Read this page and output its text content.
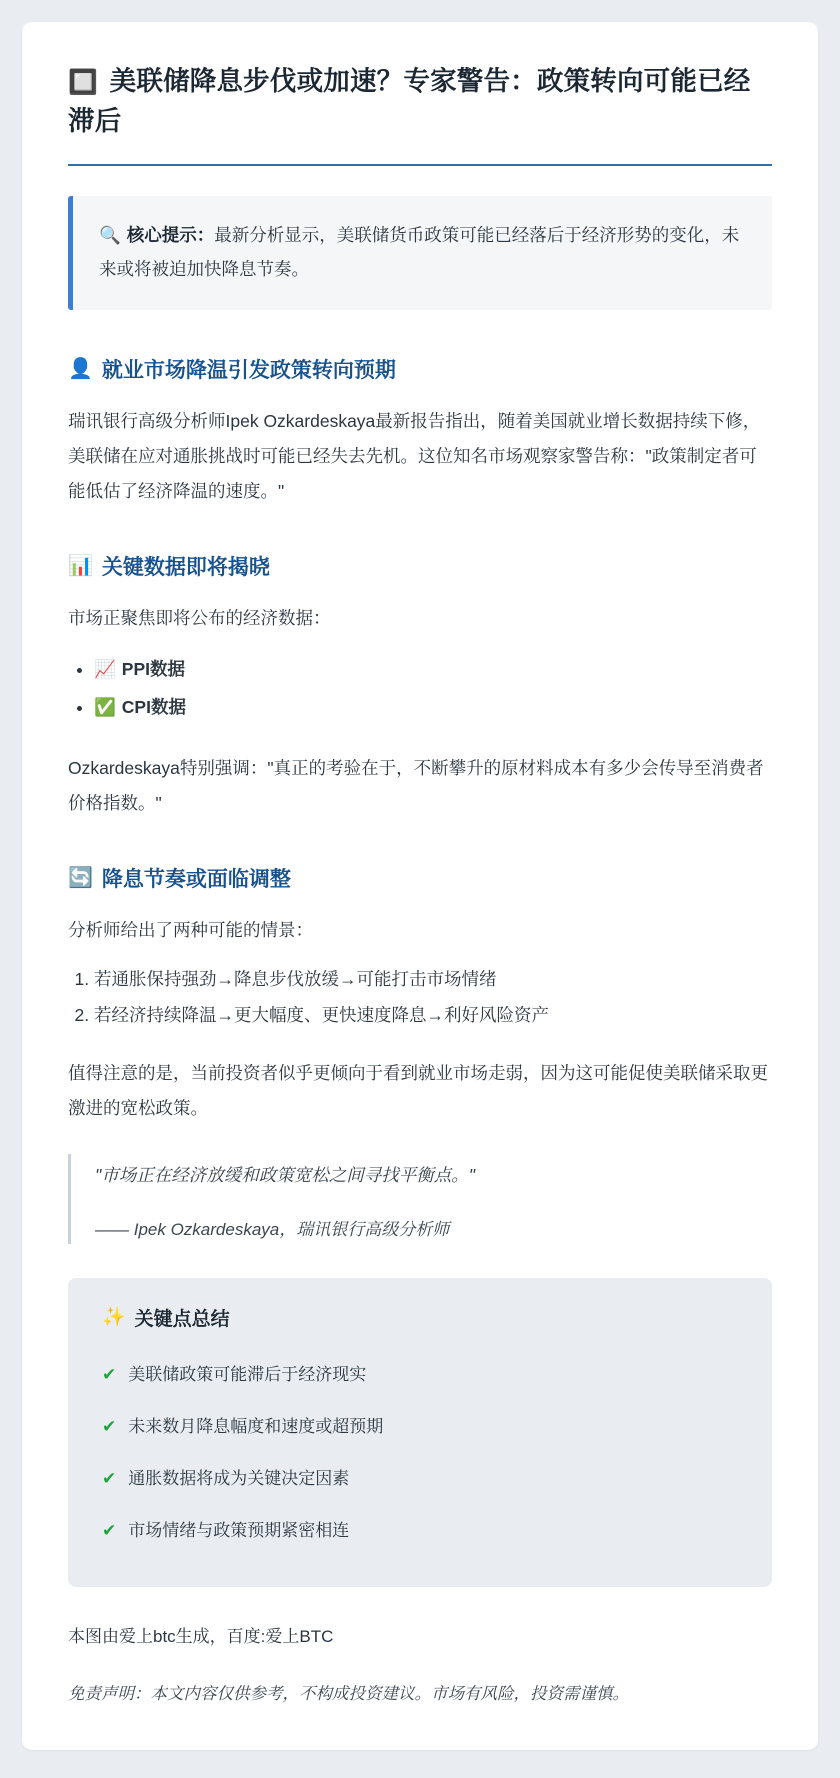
🔲 美联储降息步伐或加速？专家警告：政策转向可能已经滞后
🔍 核心提示：最新分析显示，美联储货币政策可能已经落后于经济形势的变化，未来或将被迫加快降息节奏。
👤 就业市场降温引发政策转向预期

瑞讯银行高级分析师Ipek Ozkardeskaya最新报告指出，随着美国就业增长数据持续下修，美联储在应对通胀挑战时可能已经失去先机。这位知名市场观察家警告称："政策制定者可能低估了经济降温的速度。"

📊 关键数据即将揭晓

市场正聚焦即将公布的经济数据：

• 📈 PPI数据
• ✅ CPI数据

Ozkardeskaya特别强调："真正的考验在于，不断攀升的原材料成本有多少会传导至消费者价格指数。"

🔄 降息节奏或面临调整

分析师给出了两种可能的情景：

1. 若通胀保持强劲→降息步伐放缓→可能打击市场情绪
2. 若经济持续降温→更大幅度、更快速度降息→利好风险资产

值得注意的是，当前投资者似乎更倾向于看到就业市场走弱，因为这可能促使美联储采取更激进的宽松政策。

"市场正在经济放缓和政策宽松之间寻找平衡点。"
—— Ipek Ozkardeskaya，瑞讯银行高级分析师
✨ 关键点总结
✔ 美联储政策可能滞后于经济现实
✔ 未来数月降息幅度和速度或超预期
✔ 通胀数据将成为关键决定因素
✔ 市场情绪与政策预期紧密相连
本图由爱上btc生成，百度:爱上BTC
免责声明：本文内容仅供参考，不构成投资建议。市场有风险，投资需谨慎。
